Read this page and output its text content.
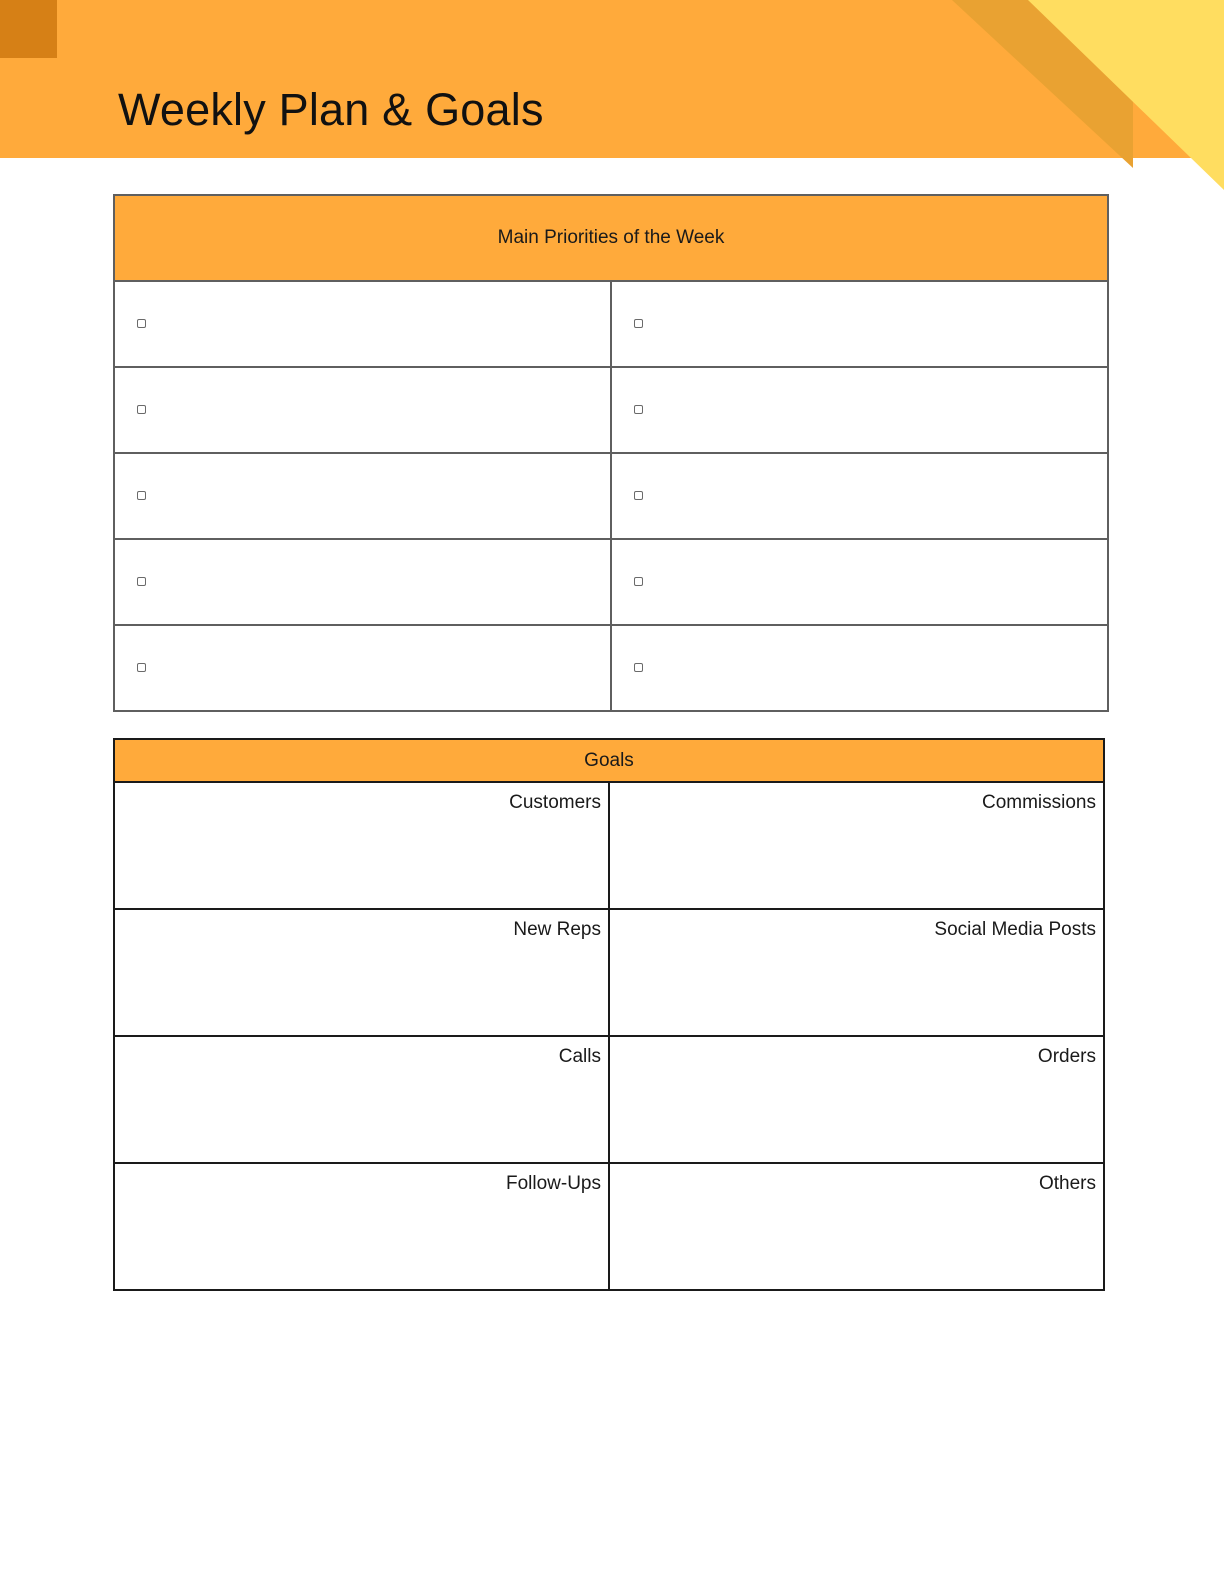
Weekly Plan & Goals
Main Priorities of the Week	

Goals	
Customers	Commissions
New Reps	Social Media Posts
Calls	Orders
Follow-Ups	Others
